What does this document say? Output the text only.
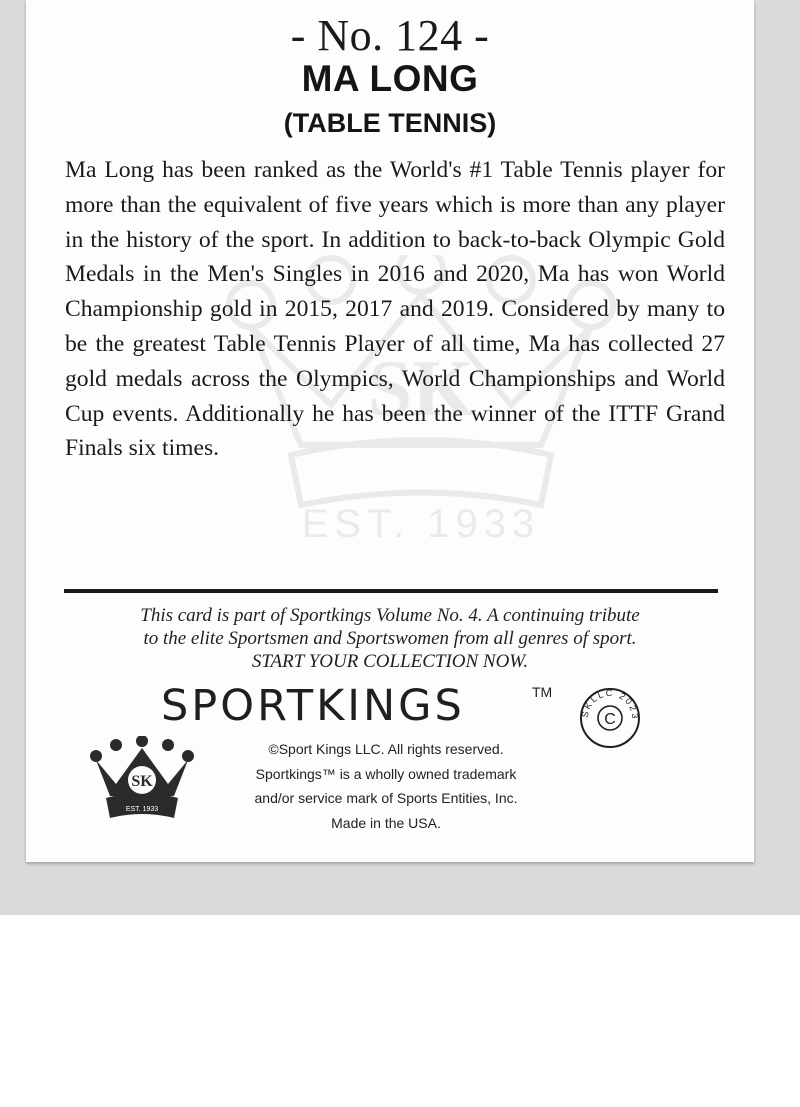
SK
EST. 1933
- No. 124 -
MA LONG
(TABLE TENNIS)
Ma Long has been ranked as the World's #1 Table Tennis player for more than the equivalent of five years which is more than any player in the history of the sport. In addition to back-to-back Olympic Gold Medals in the Men's Singles in 2016 and 2020, Ma has won World Championship gold in 2015, 2017 and 2019. Considered by many to be the greatest Table Tennis Player of all time, Ma has collected 27 gold medals across the Olympics, World Championships and World Cup events. Additionally he has been the winner of the ITTF Grand Finals six times.
This card is part of Sportkings Volume No. 4. A continuing tribute
to the elite Sportsmen and Sportswomen from all genres of sport.
START YOUR COLLECTION NOW.
SPORTKINGS	TM
C
SKLLC 2023
SK
EST. 1933
©Sport Kings LLC. All rights reserved.
Sportkings™ is a wholly owned trademark
and/or service mark of Sports Entities, Inc.
Made in the USA.
